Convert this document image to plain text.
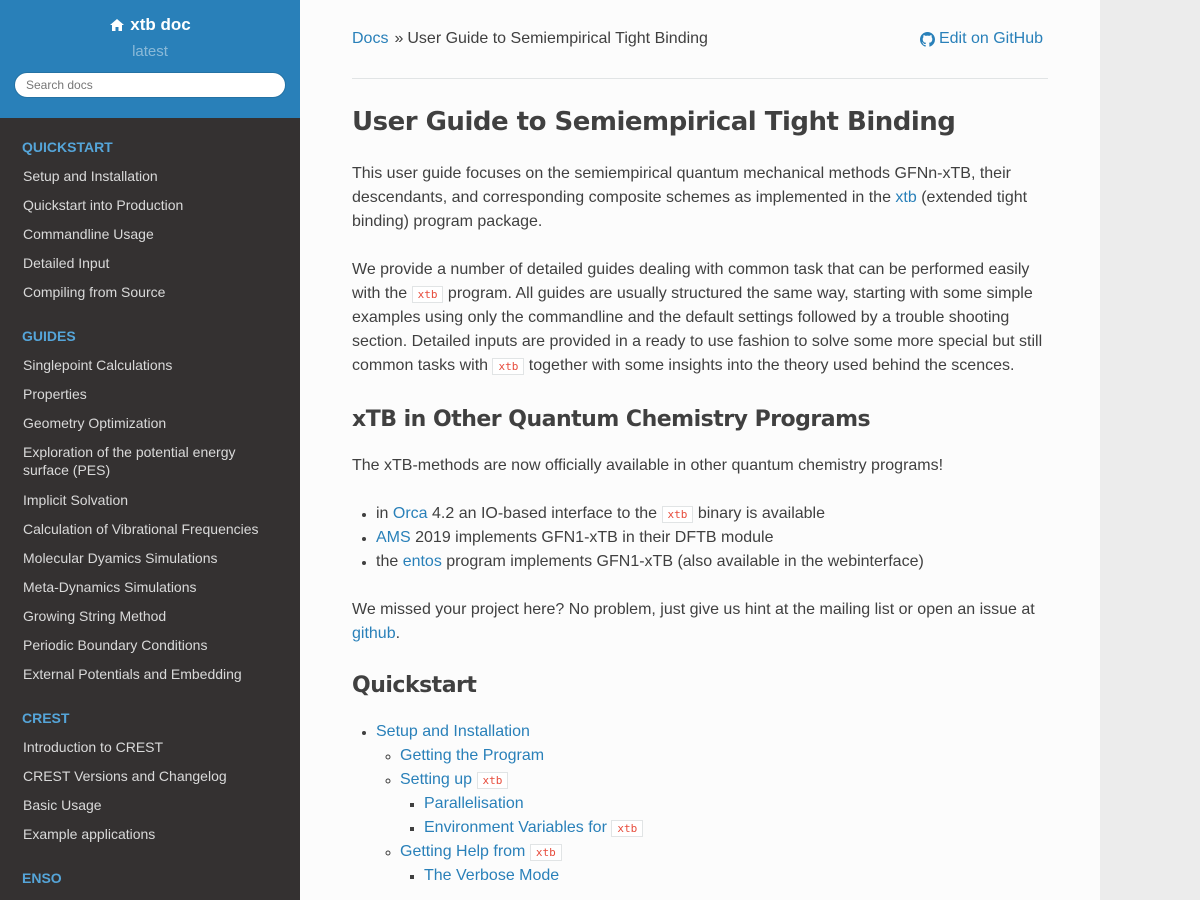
xtb doc
latest
Search docs
QUICKSTART
Setup and Installation
Quickstart into Production
Commandline Usage
Detailed Input
Compiling from Source
GUIDES
Singlepoint Calculations
Properties
Geometry Optimization
Exploration of the potential energy surface (PES)
Implicit Solvation
Calculation of Vibrational Frequencies
Molecular Dyamics Simulations
Meta-Dynamics Simulations
Growing String Method
Periodic Boundary Conditions
External Potentials and Embedding
CREST
Introduction to CREST
CREST Versions and Changelog
Basic Usage
Example applications
ENSO
Docs » User Guide to Semiempirical Tight Binding	Edit on GitHub
User Guide to Semiempirical Tight Binding

This user guide focuses on the semiempirical quantum mechanical methods GFNn-xTB, their descendants, and corresponding composite schemes as implemented in the xtb (extended tight binding) program package.

We provide a number of detailed guides dealing with common task that can be performed easily with the xtb program. All guides are usually structured the same way, starting with some simple examples using only the commandline and the default settings followed by a trouble shooting section. Detailed inputs are provided in a ready to use fashion to solve some more special but still common tasks with xtb together with some insights into the theory used behind the scences.

xTB in Other Quantum Chemistry Programs

The xTB-methods are now officially available in other quantum chemistry programs!

• in Orca 4.2 an IO-based interface to the xtb binary is available
• AMS 2019 implements GFN1-xTB in their DFTB module
• the entos program implements GFN1-xTB (also available in the webinterface)

We missed your project here? No problem, just give us hint at the mailing list or open an issue at github.

Quickstart
• Setup and Installation
◦ Getting the Program
◦ Setting up xtb
▪ Parallelisation
▪ Environment Variables for xtb
◦ Getting Help from xtb
▪ The Verbose Mode
